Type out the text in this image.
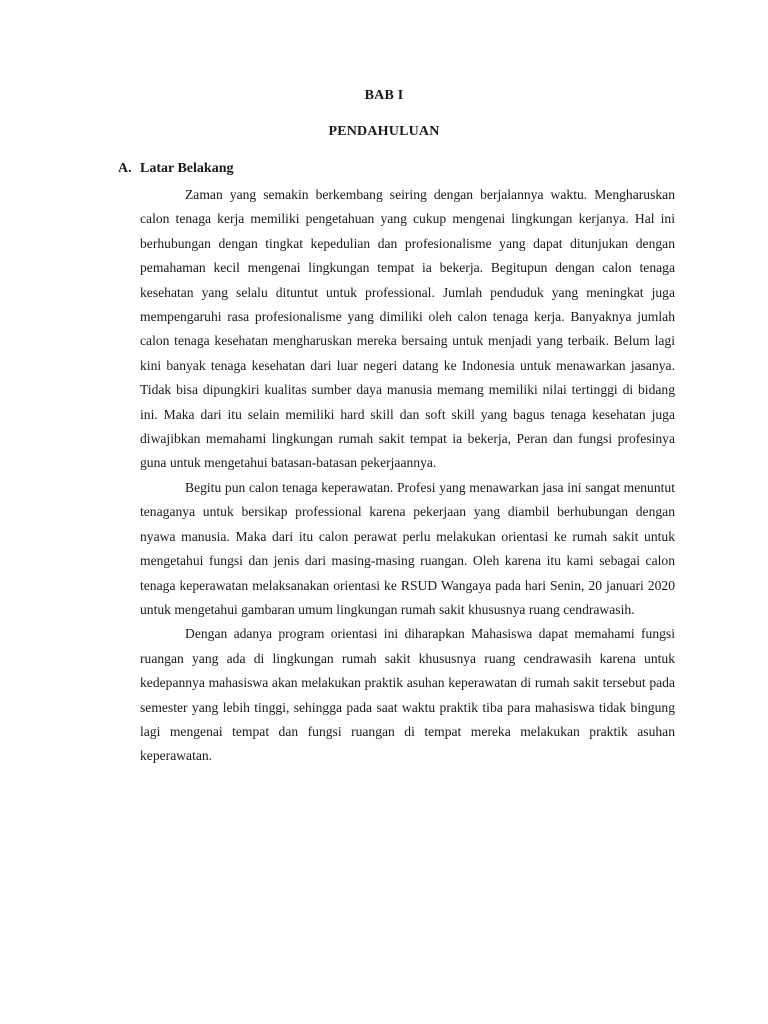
BAB I
PENDAHULUAN
A. Latar Belakang

Zaman yang semakin berkembang seiring dengan berjalannya waktu. Mengharuskan calon tenaga kerja memiliki pengetahuan yang cukup mengenai lingkungan kerjanya. Hal ini berhubungan dengan tingkat kepedulian dan profesionalisme yang dapat ditunjukan dengan pemahaman kecil mengenai lingkungan tempat ia bekerja. Begitupun dengan calon tenaga kesehatan yang selalu dituntut untuk professional. Jumlah penduduk yang meningkat juga mempengaruhi rasa profesionalisme yang dimiliki oleh calon tenaga kerja. Banyaknya jumlah calon tenaga kesehatan mengharuskan mereka bersaing untuk menjadi yang terbaik. Belum lagi kini banyak tenaga kesehatan dari luar negeri datang ke Indonesia untuk menawarkan jasanya. Tidak bisa dipungkiri kualitas sumber daya manusia memang memiliki nilai tertinggi di bidang ini. Maka dari itu selain memiliki hard skill dan soft skill yang bagus tenaga kesehatan juga diwajibkan memahami lingkungan rumah sakit tempat ia bekerja, Peran dan fungsi profesinya guna untuk mengetahui batasan-batasan pekerjaannya.

Begitu pun calon tenaga keperawatan. Profesi yang menawarkan jasa ini sangat menuntut tenaganya untuk bersikap professional karena pekerjaan yang diambil berhubungan dengan nyawa manusia. Maka dari itu calon perawat perlu melakukan orientasi ke rumah sakit untuk mengetahui fungsi dan jenis dari masing-masing ruangan. Oleh karena itu kami sebagai calon tenaga keperawatan melaksanakan orientasi ke RSUD Wangaya pada hari Senin, 20 januari 2020 untuk mengetahui gambaran umum lingkungan rumah sakit khususnya ruang cendrawasih.

Dengan adanya program orientasi ini diharapkan Mahasiswa dapat memahami fungsi ruangan yang ada di lingkungan rumah sakit khususnya ruang cendrawasih karena untuk kedepannya mahasiswa akan melakukan praktik asuhan keperawatan di rumah sakit tersebut pada semester yang lebih tinggi, sehingga pada saat waktu praktik tiba para mahasiswa tidak bingung lagi mengenai tempat dan fungsi ruangan di tempat mereka melakukan praktik asuhan keperawatan.
